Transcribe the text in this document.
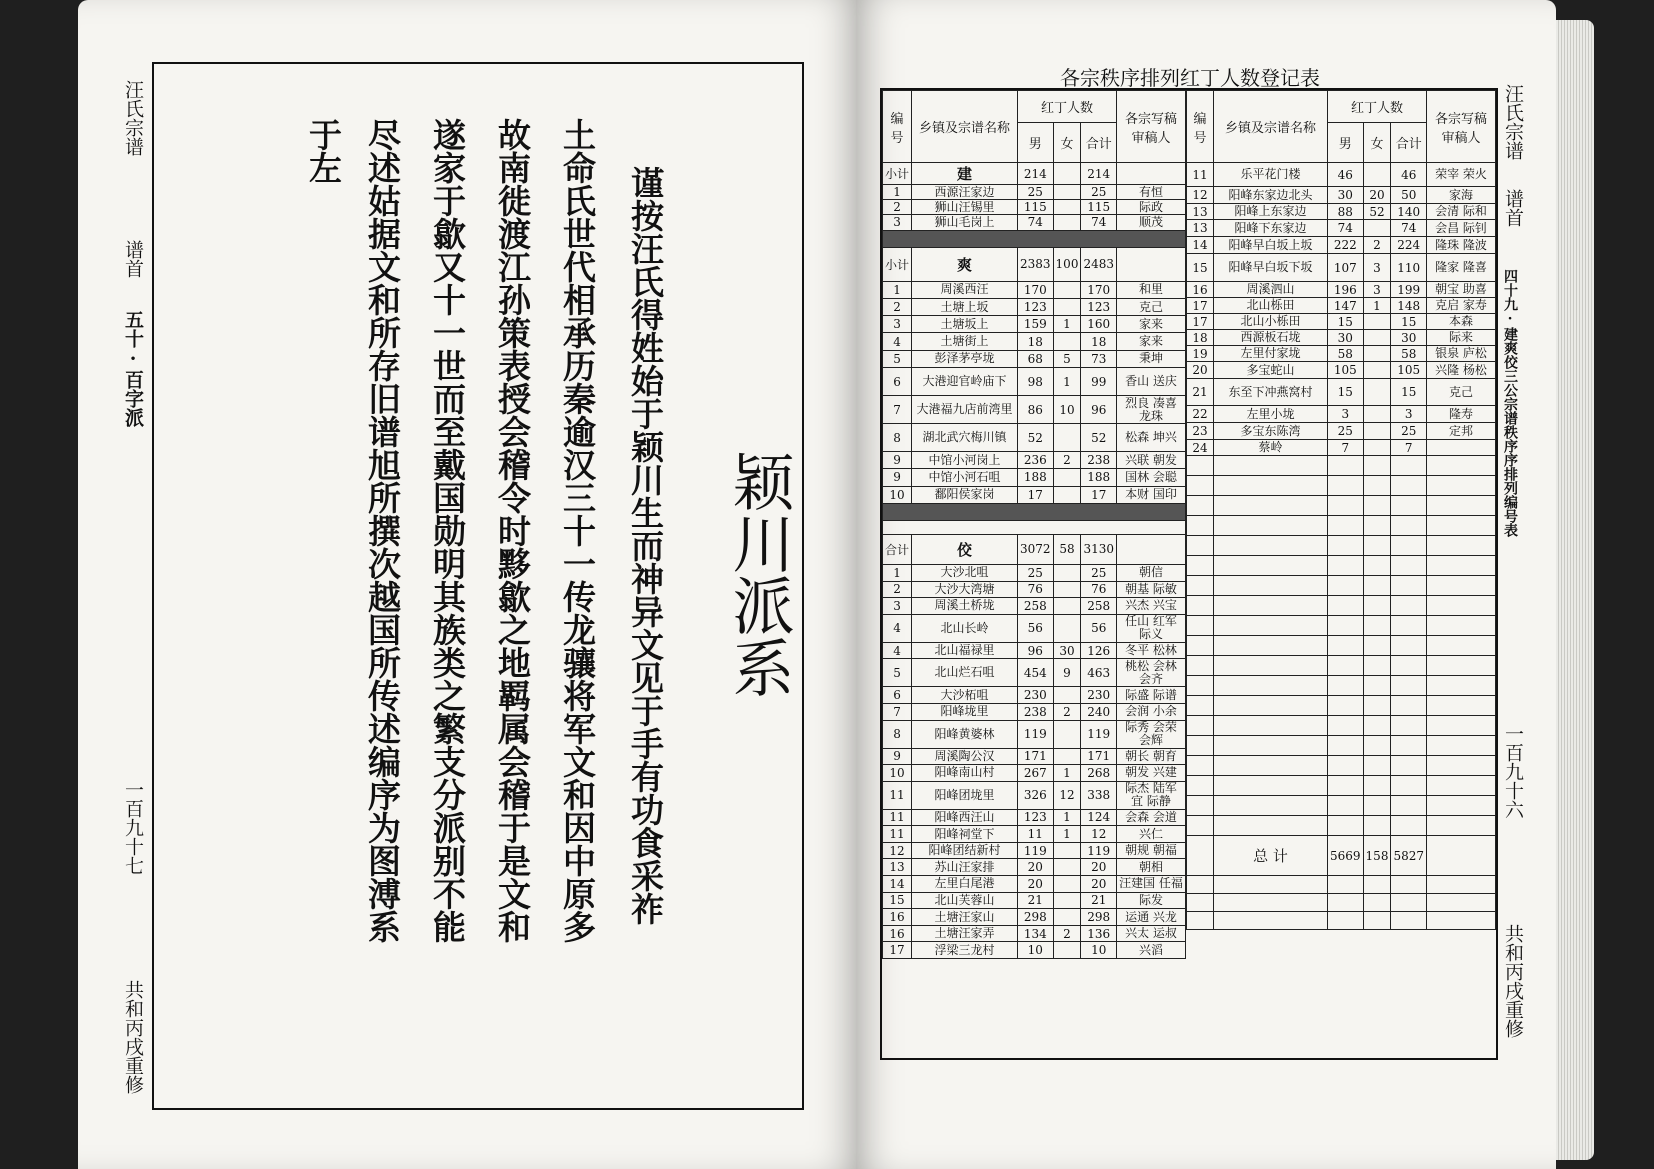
汪氏宗谱
谱首
五十·百字派
一百九十七
共和丙戌重修
颖川派系
谨按汪氏得姓始于颖川生而神异文见于手有功食采祚
土命氏世代相承历秦逾汉三十一传龙骧将军文和因中原多
故南徙渡江孙策表授会稽令时黟歙之地羁属会稽于是文和
遂家于歙又十一世而至戴国勋明其族类之繁支分派别不能
尽述姑据文和所存旧谱旭所撰次越国所传述编序为图溥系
于左
各宗秩序排列红丁人数登记表
编号	乡镇及宗谱名称	红丁人数			各宗写稿审稿人
		男	女	合计	
小计	建	214		214	
1	西源汪家边	25		25	有恒
2	狮山汪锡里	115		115	际政
3	狮山毛岗上	74		74	顺茂

小计	爽	2383	100	2483	
1	周溪西汪	170		170	和里
2	土塘上坂	123		123	克己
3	土塘坂上	159	1	160	家来
4	土塘街上	18		18	家来
5	彭泽茅亭垅	68	5	73	秉坤
6	大港迎官岭庙下	98	1	99	香山 送庆
7	大港福九店前湾里	86	10	96	烈良 凑喜 龙珠
8	湖北武穴梅川镇	52		52	松森 坤兴
9	中馆小河岗上	236	2	238	兴联 朝发
9	中馆小河石咀	188		188	国林 会聪
10	鄱阳侯家岗	17		17	本财 国印

合计	佼	3072	58	3130	
1	大沙北咀	25		25	朝信
2	大沙大湾塘	76		76	朝基 际敏
3	周溪土桥垅	258		258	兴杰 兴宝
4	北山长岭	56		56	任山 红军 际义
4	北山福禄里	96	30	126	冬平 松林
5	北山烂石咀	454	9	463	桃松 会林 会齐
6	大沙柘咀	230		230	际盛 际谱
7	阳峰垅里	238	2	240	会润 小余
8	阳峰黄婆林	119		119	际秀 会荣 会辉
9	周溪陶公汉	171		171	朝长 朝育
10	阳峰南山村	267	1	268	朝发 兴建
11	阳峰团垅里	326	12	338	际杰 陆军 宜 际静
11	阳峰西汪山	123	1	124	会森 会道
11	阳峰祠堂下	11	1	12	兴仁
12	阳峰团结新村	119		119	朝规 朝福
13	苏山汪家排	20		20	朝相
14	左里白尾港	20		20	汪建国 任福
15	北山芙蓉山	21		21	际发
16	土塘汪家山	298		298	运通 兴龙
16	土塘汪家弄	134	2	136	兴太 运叔
17	浮梁三龙村	10		10	兴滔
编号	乡镇及宗谱名称	红丁人数			各宗写稿审稿人
		男	女	合计	
11	乐平花门楼	46		46	荣宰 荣火
12	阳峰东家边北头	30	20	50	家海
13	阳峰上东家边	88	52	140	会清 际和
13	阳峰下东家边	74		74	会昌 际钊
14	阳峰早白坂上坂	222	2	224	隆珠 隆波
15	阳峰早白坂下坂	107	3	110	隆家 隆喜
16	周溪泗山	196	3	199	朝宝 助喜
17	北山栎田	147	1	148	克启 家寿
17	北山小栎田	15		15	本森
18	西源板石垅	30		30	际来
19	左里付家垅	58		58	银泉 庐松
20	多宝蛇山	105		105	兴隆 杨松
21	东至下冲燕窝村	15		15	克己
22	左里小垅	3		3	隆寿
23	多宝东陈湾	25		25	定邦
24	蔡岭	7		7	

	总 计	5669	158	5827	

汪氏宗谱
谱首
四十九·建爽佼三公宗谱秩序序排列编号表
一百九十六
共和丙戌重修
